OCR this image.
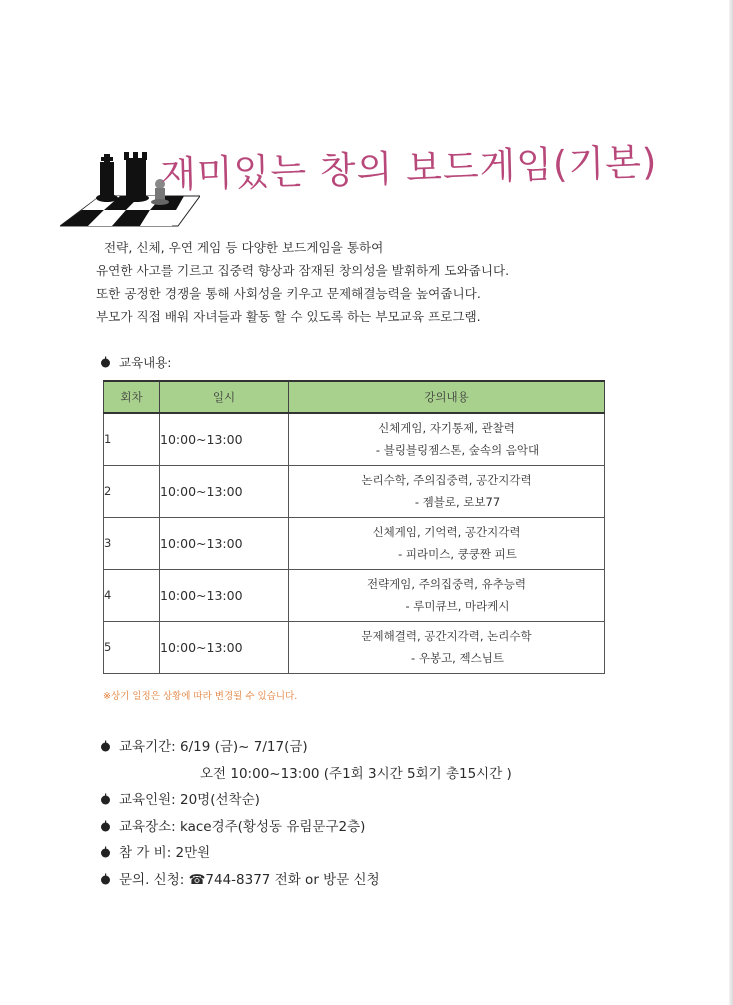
재미있는 창의 보드게임(기본)

전략, 신체, 우연 게임 등 다양한 보드게임을 통하여

유연한 사고를 기르고 집중력 향상과 잠재된 창의성을 발휘하게 도와줍니다.

또한 공정한 경쟁을 통해 사회성을 키우고 문제해결능력을 높여줍니다.

부모가 직접 배워 자녀들과 활동 할 수 있도록 하는 부모교육 프로그램.

교육내용:
회차	일시	강의내용
1	10:00~13:00	신체게임, 자기통제, 관찰력
- 블링블링젬스톤, 숲속의 음악대

2	10:00~13:00	논리수학, 주의집중력, 공간지각력
- 젬블로, 로보77

3	10:00~13:00	신체게임, 기억력, 공간지각력
- 피라미스, 쿵쿵짠 피트

4	10:00~13:00	전략게임, 주의집중력, 유추능력
- 루미큐브, 마라케시

5	10:00~13:00	문제해결력, 공간지각력, 논리수학
- 우봉고, 젝스님트
※상기 일정은 상황에 따라 변경될 수 있습니다.
교육기간: 6/19 (금)~ 7/17(금)
오전 10:00~13:00 (주1회 3시간 5회기 총15시간 )
교육인원: 20명(선착순)
교육장소: kace경주(황성동 유림문구2층)
참 가 비: 2만원
문의. 신청: ☎744-8377 전화 or 방문 신청
